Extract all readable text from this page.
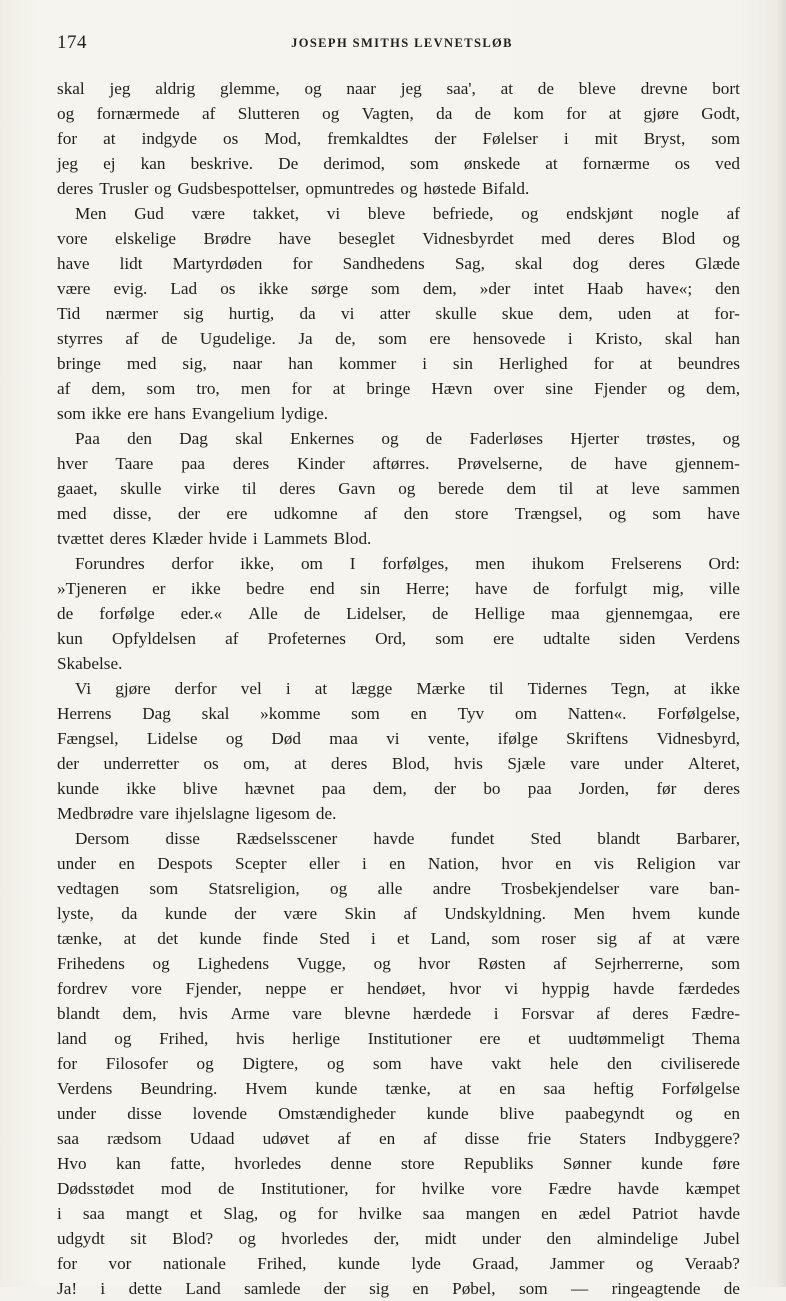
174	JOSEPH SMITHS LEVNETSLØB
skal jeg aldrig glemme, og naar jeg saa', at de bleve drevne bort
og fornærmede af Slutteren og Vagten, da de kom for at gjøre Godt,
for at indgyde os Mod, fremkaldtes der Følelser i mit Bryst, som
jeg ej kan beskrive. De derimod, som ønskede at fornærme os ved
deres Trusler og Gudsbespottelser, opmuntredes og høstede Bifald.
Men Gud være takket, vi bleve befriede, og endskjønt nogle af
vore elskelige Brødre have beseglet Vidnesbyrdet med deres Blod og
have lidt Martyrdøden for Sandhedens Sag, skal dog deres Glæde
være evig. Lad os ikke sørge som dem, »der intet Haab have«; den
Tid nærmer sig hurtig, da vi atter skulle skue dem, uden at for-
styrres af de Ugudelige. Ja de, som ere hensovede i Kristo, skal han
bringe med sig, naar han kommer i sin Herlighed for at beundres
af dem, som tro, men for at bringe Hævn over sine Fjender og dem,
som ikke ere hans Evangelium lydige.
Paa den Dag skal Enkernes og de Faderløses Hjerter trøstes, og
hver Taare paa deres Kinder aftørres. Prøvelserne, de have gjennem-
gaaet, skulle virke til deres Gavn og berede dem til at leve sammen
med disse, der ere udkomne af den store Trængsel, og som have
tvættet deres Klæder hvide i Lammets Blod.
Forundres derfor ikke, om I forfølges, men ihukom Frelserens Ord:
»Tjeneren er ikke bedre end sin Herre; have de forfulgt mig, ville
de forfølge eder.« Alle de Lidelser, de Hellige maa gjennemgaa, ere
kun Opfyldelsen af Profeternes Ord, som ere udtalte siden Verdens
Skabelse.
Vi gjøre derfor vel i at lægge Mærke til Tidernes Tegn, at ikke
Herrens Dag skal »komme som en Tyv om Natten«. Forfølgelse,
Fængsel, Lidelse og Død maa vi vente, ifølge Skriftens Vidnesbyrd,
der underretter os om, at deres Blod, hvis Sjæle vare under Alteret,
kunde ikke blive hævnet paa dem, der bo paa Jorden, før deres
Medbrødre vare ihjelslagne ligesom de.
Dersom disse Rædselsscener havde fundet Sted blandt Barbarer,
under en Despots Scepter eller i en Nation, hvor en vis Religion var
vedtagen som Statsreligion, og alle andre Trosbekjendelser vare ban-
lyste, da kunde der være Skin af Undskyldning. Men hvem kunde
tænke, at det kunde finde Sted i et Land, som roser sig af at være
Frihedens og Lighedens Vugge, og hvor Røsten af Sejrherrerne, som
fordrev vore Fjender, neppe er hendøet, hvor vi hyppig havde færdedes
blandt dem, hvis Arme vare blevne hærdede i Forsvar af deres Fædre-
land og Frihed, hvis herlige Institutioner ere et uudtømmeligt Thema
for Filosofer og Digtere, og som have vakt hele den civiliserede
Verdens Beundring. Hvem kunde tænke, at en saa heftig Forfølgelse
under disse lovende Omstændigheder kunde blive paabegyndt og en
saa rædsom Udaad udøvet af en af disse frie Staters Indbyggere?
Hvo kan fatte, hvorledes denne store Republiks Sønner kunde føre
Dødsstødet mod de Institutioner, for hvilke vore Fædre havde kæmpet
i saa mangt et Slag, og for hvilke saa mangen en ædel Patriot havde
udgydt sit Blod? og hvorledes der, midt under den almindelige Jubel
for vor nationale Frihed, kunde lyde Graad, Jammer og Veraab?
Ja! i dette Land samlede der sig en Pøbel, som — ringeagtende de
